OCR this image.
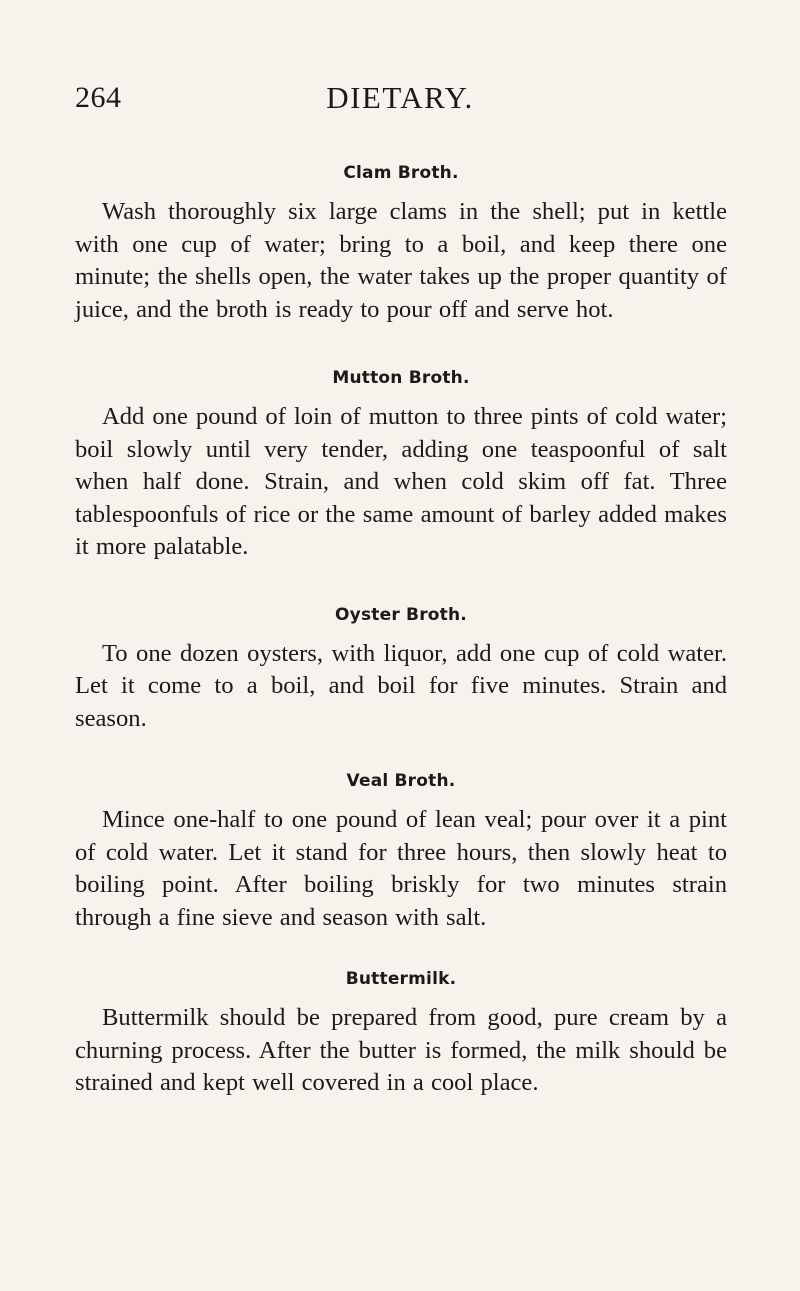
264	DIETARY.
Clam Broth.

Wash thoroughly six large clams in the shell; put in kettle with one cup of water; bring to a boil, and keep there one minute; the shells open, the water takes up the proper quantity of juice, and the broth is ready to pour off and serve hot.

Mutton Broth.

Add one pound of loin of mutton to three pints of cold water; boil slowly until very tender, adding one teaspoonful of salt when half done. Strain, and when cold skim off fat. Three tablespoonfuls of rice or the same amount of barley added makes it more palatable.

Oyster Broth.

To one dozen oysters, with liquor, add one cup of cold water. Let it come to a boil, and boil for five minutes. Strain and season.

Veal Broth.

Mince one-half to one pound of lean veal; pour over it a pint of cold water. Let it stand for three hours, then slowly heat to boiling point. After boiling briskly for two minutes strain through a fine sieve and season with salt.

Buttermilk.

Buttermilk should be prepared from good, pure cream by a churning process. After the butter is formed, the milk should be strained and kept well covered in a cool place.
